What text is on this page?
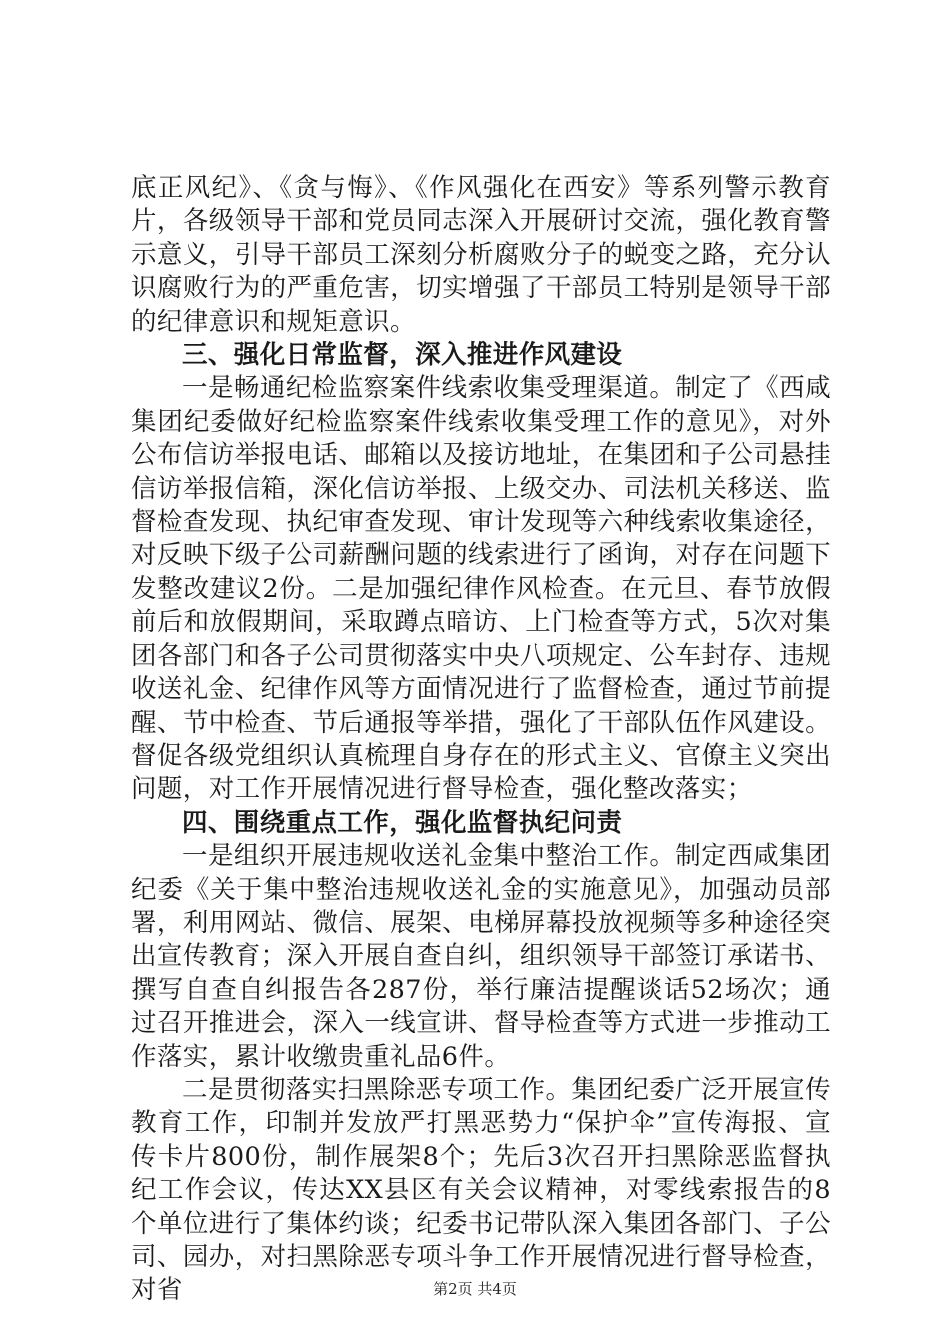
底正风纪》、《贪与悔》、《作风强化在西安》等系列警示教育片，各级领导干部和党员同志深入开展研讨交流，强化教育警示意义，引导干部员工深刻分析腐败分子的蜕变之路，充分认识腐败行为的严重危害，切实增强了干部员工特别是领导干部的纪律意识和规矩意识。

三、强化日常监督，深入推进作风建设

一是畅通纪检监察案件线索收集受理渠道。制定了《西咸集团纪委做好纪检监察案件线索收集受理工作的意见》，对外公布信访举报电话、邮箱以及接访地址，在集团和子公司悬挂信访举报信箱，深化信访举报、上级交办、司法机关移送、监督检查发现、执纪审查发现、审计发现等六种线索收集途径，对反映下级子公司薪酬问题的线索进行了函询，对存在问题下发整改建议2份。二是加强纪律作风检查。在元旦、春节放假前后和放假期间，采取蹲点暗访、上门检查等方式，5次对集团各部门和各子公司贯彻落实中央八项规定、公车封存、违规收送礼金、纪律作风等方面情况进行了监督检查，通过节前提醒、节中检查、节后通报等举措，强化了干部队伍作风建设。督促各级党组织认真梳理自身存在的形式主义、官僚主义突出问题，对工作开展情况进行督导检查，强化整改落实；

四、围绕重点工作，强化监督执纪问责

一是组织开展违规收送礼金集中整治工作。制定西咸集团纪委《关于集中整治违规收送礼金的实施意见》，加强动员部署，利用网站、微信、展架、电梯屏幕投放视频等多种途径突出宣传教育；深入开展自查自纠，组织领导干部签订承诺书、撰写自查自纠报告各287份，举行廉洁提醒谈话52场次；通过召开推进会，深入一线宣讲、督导检查等方式进一步推动工作落实，累计收缴贵重礼品6件。

二是贯彻落实扫黑除恶专项工作。集团纪委广泛开展宣传教育工作，印制并发放严打黑恶势力“保护伞”宣传海报、宣传卡片800份，制作展架8个；先后3次召开扫黑除恶监督执纪工作会议，传达XX县区有关会议精神，对零线索报告的8个单位进行了集体约谈；纪委书记带队深入集团各部门、子公司、园办，对扫黑除恶专项斗争工作开展情况进行督导检查，对省	第2页 共4页
